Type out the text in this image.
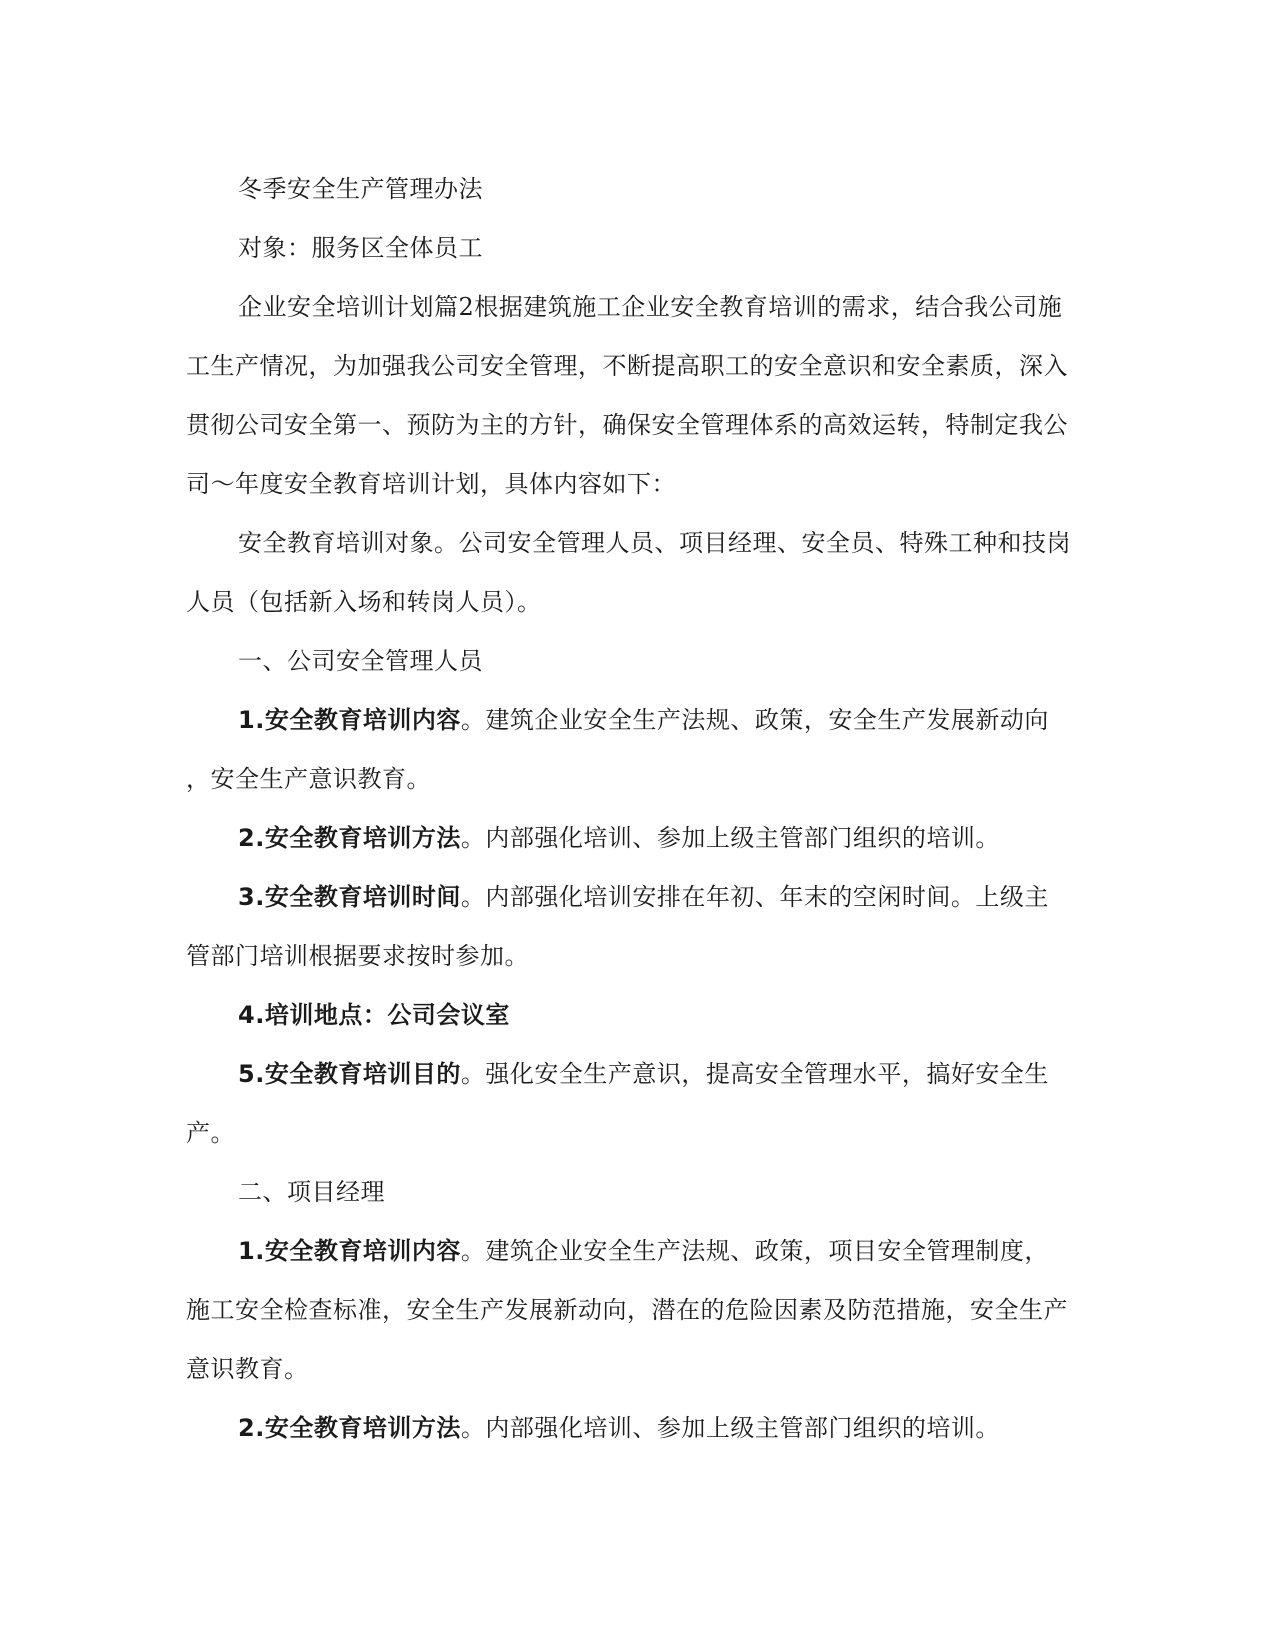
冬季安全生产管理办法
对象：服务区全体员工
企业安全培训计划篇2根据建筑施工企业安全教育培训的需求，结合我公司施
工生产情况，为加强我公司安全管理，不断提高职工的安全意识和安全素质，深入
贯彻公司安全第一、预防为主的方针，确保安全管理体系的高效运转，特制定我公
司～年度安全教育培训计划，具体内容如下：
安全教育培训对象。公司安全管理人员、项目经理、安全员、特殊工种和技岗
人员（包括新入场和转岗人员）。
一、公司安全管理人员
1.安全教育培训内容。建筑企业安全生产法规、政策，安全生产发展新动向
，安全生产意识教育。
2.安全教育培训方法。内部强化培训、参加上级主管部门组织的培训。
3.安全教育培训时间。内部强化培训安排在年初、年末的空闲时间。上级主
管部门培训根据要求按时参加。
4.培训地点：公司会议室
5.安全教育培训目的。强化安全生产意识，提高安全管理水平，搞好安全生
产。
二、项目经理
1.安全教育培训内容。建筑企业安全生产法规、政策，项目安全管理制度，
施工安全检查标准，安全生产发展新动向，潜在的危险因素及防范措施，安全生产
意识教育。
2.安全教育培训方法。内部强化培训、参加上级主管部门组织的培训。
